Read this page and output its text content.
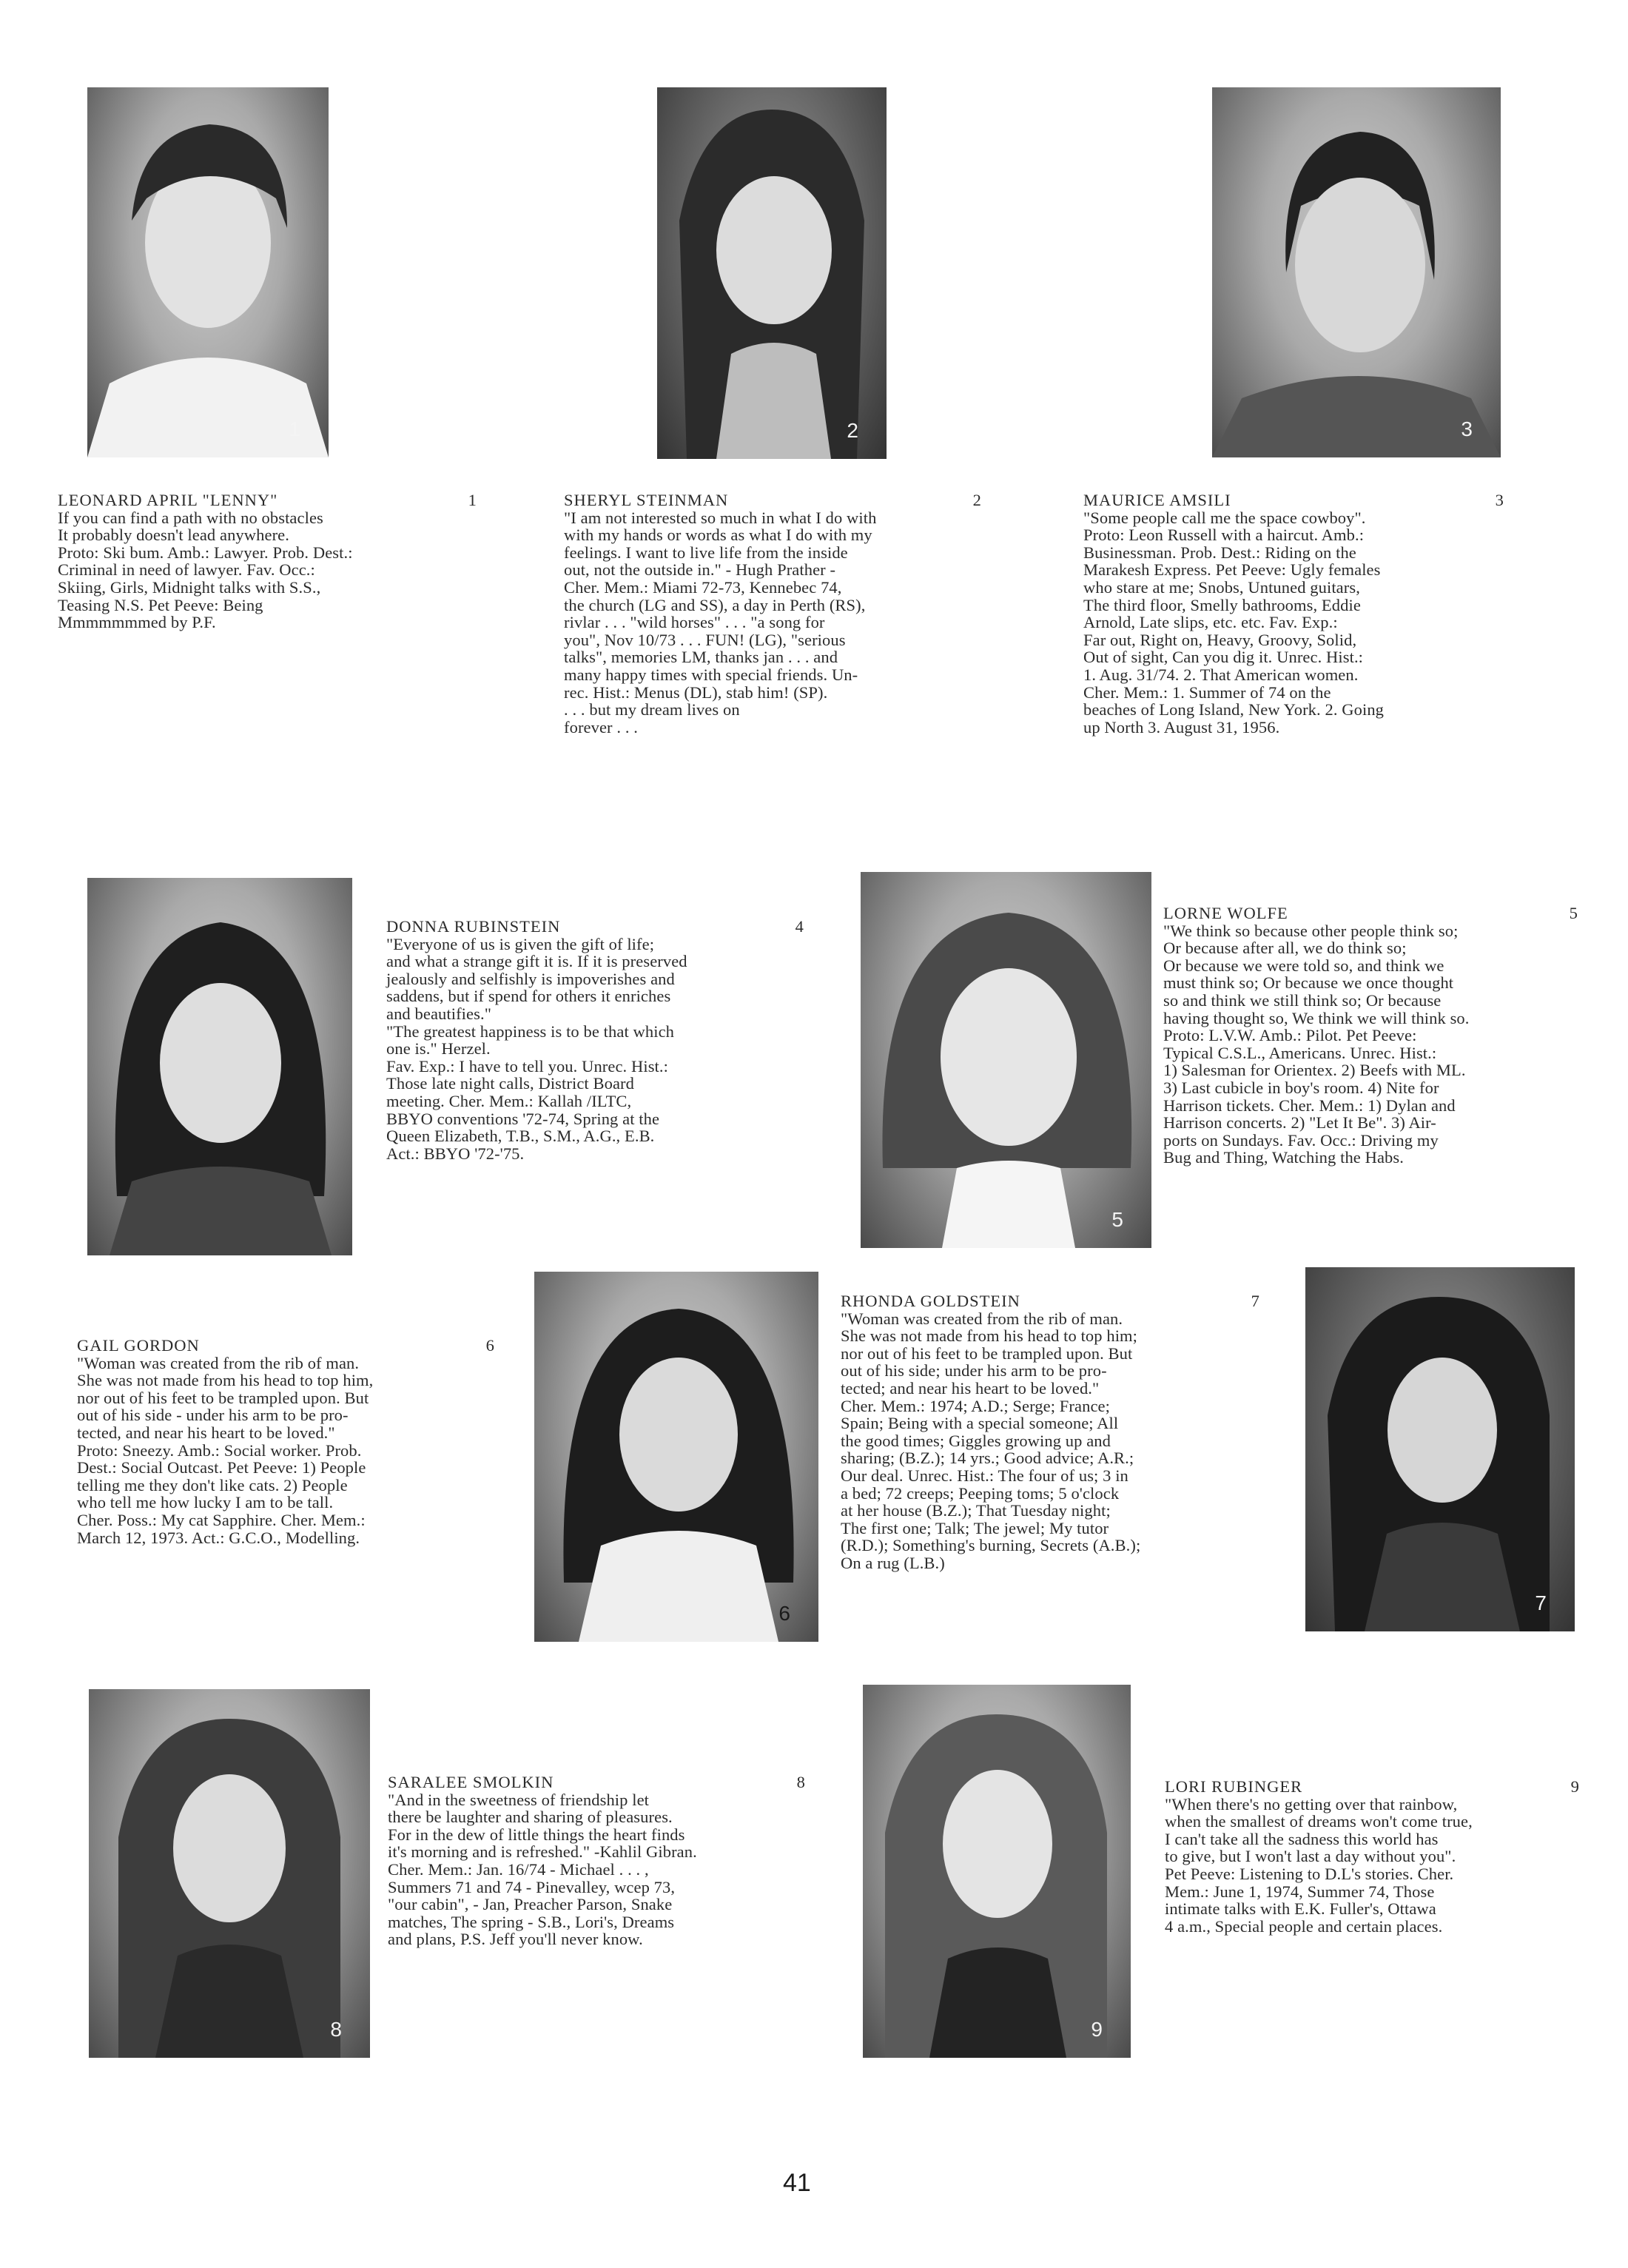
1	2	3
5
6	7
8	9
LEONARD APRIL "LENNY"	1
If you can find a path with no obstacles
It probably doesn't lead anywhere.
Proto: Ski bum. Amb.: Lawyer. Prob. Dest.:
Criminal in need of lawyer. Fav. Occ.:
Skiing, Girls, Midnight talks with S.S.,
Teasing N.S. Pet Peeve: Being
Mmmmmmmed by P.F.
SHERYL STEINMAN	2
"I am not interested so much in what I do with
with my hands or words as what I do with my
feelings. I want to live life from the inside
out, not the outside in." - Hugh Prather -
Cher. Mem.: Miami 72-73, Kennebec 74,
the church (LG and SS), a day in Perth (RS),
rivlar . . . "wild horses" . . . "a song for
you", Nov 10/73 . . . FUN! (LG), "serious
talks", memories LM, thanks jan . . . and
many happy times with special friends. Un-
rec. Hist.: Menus (DL), stab him! (SP).
. . . but my dream lives on
forever . . .
MAURICE AMSILI	3
"Some people call me the space cowboy".
Proto: Leon Russell with a haircut. Amb.:
Businessman. Prob. Dest.: Riding on the
Marakesh Express. Pet Peeve: Ugly females
who stare at me; Snobs, Untuned guitars,
The third floor, Smelly bathrooms, Eddie
Arnold, Late slips, etc. etc. Fav. Exp.:
Far out, Right on, Heavy, Groovy, Solid,
Out of sight, Can you dig it. Unrec. Hist.:
1. Aug. 31/74. 2. That American women.
Cher. Mem.: 1. Summer of 74 on the
beaches of Long Island, New York. 2. Going
up North 3. August 31, 1956.
DONNA RUBINSTEIN	4
"Everyone of us is given the gift of life;
and what a strange gift it is. If it is preserved
jealously and selfishly is impoverishes and
saddens, but if spend for others it enriches
and beautifies."
"The greatest happiness is to be that which
one is." Herzel.
Fav. Exp.: I have to tell you. Unrec. Hist.:
Those late night calls, District Board
meeting. Cher. Mem.: Kallah /ILTC,
BBYO conventions '72-74, Spring at the
Queen Elizabeth, T.B., S.M., A.G., E.B.
Act.: BBYO '72-'75.
LORNE WOLFE	5
"We think so because other people think so;
Or because after all, we do think so;
Or because we were told so, and think we
must think so; Or because we once thought
so and think we still think so; Or because
having thought so, We think we will think so.
Proto: L.V.W. Amb.: Pilot. Pet Peeve:
Typical C.S.L., Americans. Unrec. Hist.:
1) Salesman for Orientex. 2) Beefs with ML.
3) Last cubicle in boy's room. 4) Nite for
Harrison tickets. Cher. Mem.: 1) Dylan and
Harrison concerts. 2) "Let It Be". 3) Air-
ports on Sundays. Fav. Occ.: Driving my
Bug and Thing, Watching the Habs.
GAIL GORDON	6
"Woman was created from the rib of man.
She was not made from his head to top him,
nor out of his feet to be trampled upon. But
out of his side - under his arm to be pro-
tected, and near his heart to be loved."
Proto: Sneezy. Amb.: Social worker. Prob.
Dest.: Social Outcast. Pet Peeve: 1) People
telling me they don't like cats. 2) People
who tell me how lucky I am to be tall.
Cher. Poss.: My cat Sapphire. Cher. Mem.:
March 12, 1973. Act.: G.C.O., Modelling.
RHONDA GOLDSTEIN	7
"Woman was created from the rib of man.
She was not made from his head to top him;
nor out of his feet to be trampled upon. But
out of his side; under his arm to be pro-
tected; and near his heart to be loved."
Cher. Mem.: 1974; A.D.; Serge; France;
Spain; Being with a special someone; All
the good times; Giggles growing up and
sharing; (B.Z.); 14 yrs.; Good advice; A.R.;
Our deal. Unrec. Hist.: The four of us; 3 in
a bed; 72 creeps; Peeping toms; 5 o'clock
at her house (B.Z.); That Tuesday night;
The first one; Talk; The jewel; My tutor
(R.D.); Something's burning, Secrets (A.B.);
On a rug (L.B.)
SARALEE SMOLKIN	8
"And in the sweetness of friendship let
there be laughter and sharing of pleasures.
For in the dew of little things the heart finds
it's morning and is refreshed." -Kahlil Gibran.
Cher. Mem.: Jan. 16/74 - Michael . . . ,
Summers 71 and 74 - Pinevalley, wcep 73,
"our cabin", - Jan, Preacher Parson, Snake
matches, The spring - S.B., Lori's, Dreams
and plans, P.S. Jeff you'll never know.
LORI RUBINGER	9
"When there's no getting over that rainbow,
when the smallest of dreams won't come true,
I can't take all the sadness this world has
to give, but I won't last a day without you".
Pet Peeve: Listening to D.L's stories. Cher.
Mem.: June 1, 1974, Summer 74, Those
intimate talks with E.K. Fuller's, Ottawa
4 a.m., Special people and certain places.
41
